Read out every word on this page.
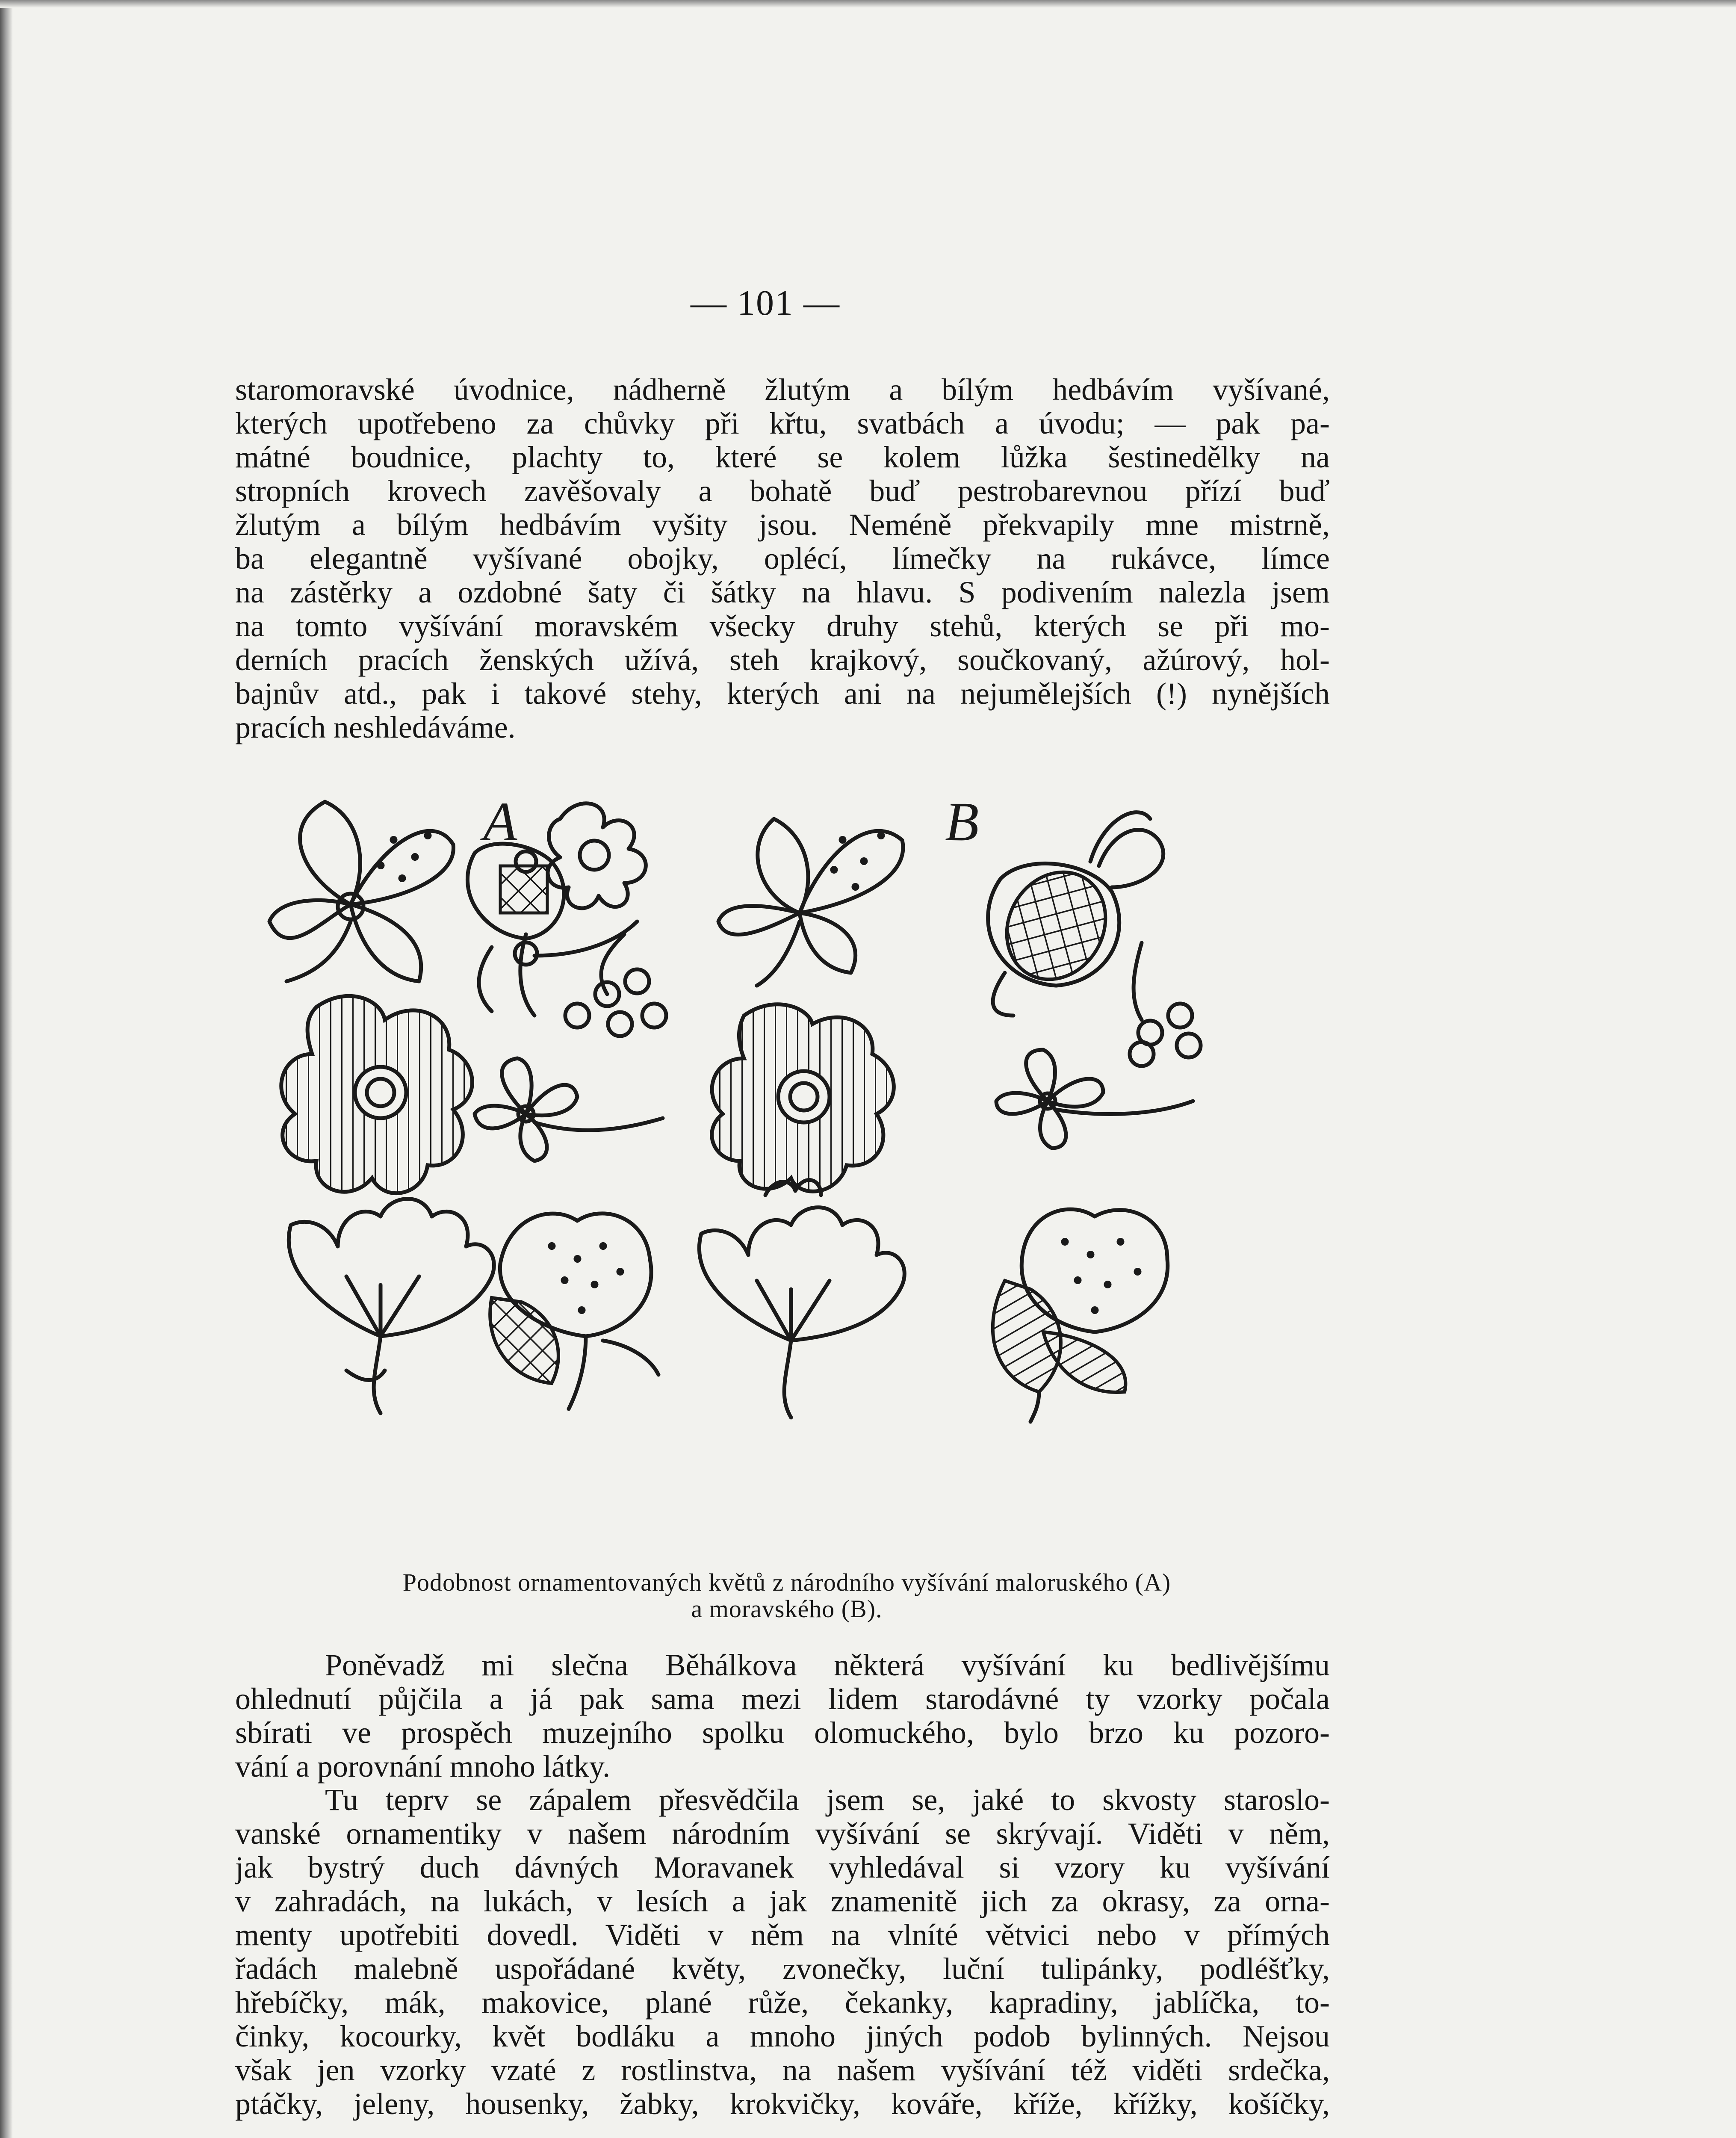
— 101 —
staromoravské úvodnice, nádherně žlutým a bílým hedbávím vyšívané,
kterých upotřebeno za chůvky při křtu, svatbách a úvodu; — pak pa-
mátné boudnice, plachty to, které se kolem lůžka šestinedělky na
stropních krovech zavěšovaly a bohatě buď pestrobarevnou přízí buď
žlutým a bílým hedbávím vyšity jsou. Neméně překvapily mne mistrně,
ba elegantně vyšívané obojky, oplécí, límečky na rukávce, límce
na zástěrky a ozdobné šaty či šátky na hlavu. S podivením nalezla jsem
na tomto vyšívání moravském všecky druhy stehů, kterých se při mo-
derních pracích ženských užívá, steh krajkový, součkovaný, ažúrový, hol-
bajnův atd., pak i takové stehy, kterých ani na nejumělejších (!) nynějších
pracích neshledáváme.
A	B
Podobnost ornamentovaných květů z národního vyšívání maloruského (A)
a moravského (B).
Poněvadž mi slečna Běhálkova některá vyšívání ku bedlivějšímu
ohlednutí půjčila a já pak sama mezi lidem starodávné ty vzorky počala
sbírati ve prospěch muzejního spolku olomuckého, bylo brzo ku pozoro-
vání a porovnání mnoho látky.
Tu teprv se zápalem přesvědčila jsem se, jaké to skvosty staroslo-
vanské ornamentiky v našem národním vyšívání se skrývají. Viděti v něm,
jak bystrý duch dávných Moravanek vyhledával si vzory ku vyšívání
v zahradách, na lukách, v lesích a jak znamenitě jich za okrasy, za orna-
menty upotřebiti dovedl. Viděti v něm na vlníté větvici nebo v přímých
řadách malebně uspořádané květy, zvonečky, luční tulipánky, podléšťky,
hřebíčky, mák, makovice, plané růže, čekanky, kapradiny, jablíčka, to-
činky, kocourky, květ bodláku a mnoho jiných podob bylinných. Nejsou
však jen vzorky vzaté z rostlinstva, na našem vyšívání též viděti srdečka,
ptáčky, jeleny, housenky, žabky, krokvičky, kováře, kříže, křížky, košíčky,
